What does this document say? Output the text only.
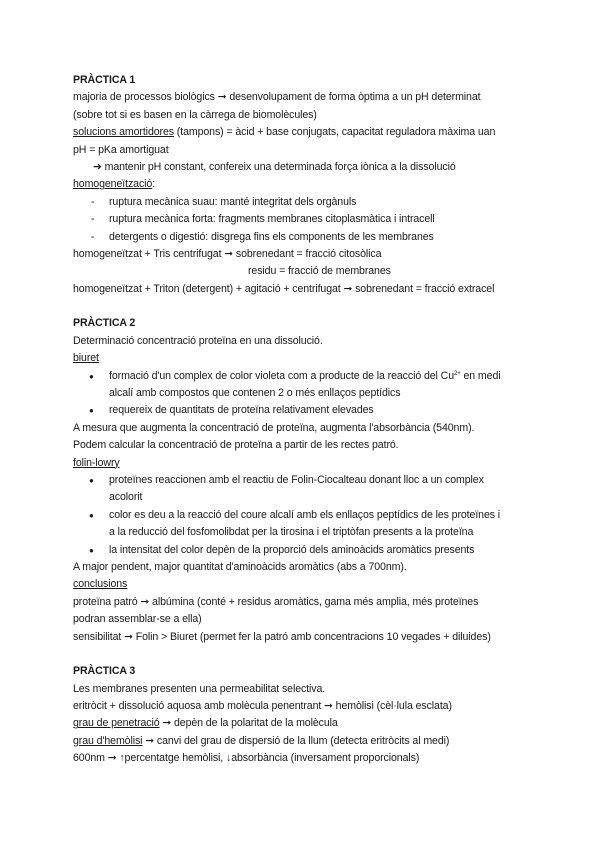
PRÀCTICA 1
majoria de processos biològics ➞ desenvolupament de forma òptima a un pH determinat
(sobre tot si es basen en la càrrega de biomolècules)
solucions amortidores (tampons) = àcid + base conjugats, capacitat reguladora màxima uan
pH = pKa amortiguat
➔ mantenir pH constant, confereix una determinada força iònica a la dissolució
homogeneïtzació:
- ruptura mecànica suau: manté integritat dels orgànuls
- ruptura mecànica forta: fragments membranes citoplasmàtica i intracell
- detergents o digestió: disgrega fins els components de les membranes
homogeneïtzat + Tris centrifugat ➞ sobrenedant = fracció citosòlica
residu = fracció de membranes
homogeneïtzat + Triton (detergent) + agitació + centrifugat ➞ sobrenedant = fracció extracel
PRÀCTICA 2
Determinació concentració proteïna en una dissolució.
biuret
● formació d'un complex de color violeta com a producte de la reacció del $Cu^{2+}$ en medi
alcalí amb compostos que contenen 2 o més enllaços peptídics
● requereix de quantitats de proteïna relativament elevades
A mesura que augmenta la concentració de proteïna, augmenta l'absorbància (540nm).
Podem calcular la concentració de proteïna a partir de les rectes patró.
folin-lowry
● proteïnes reaccionen amb el reactiu de Folin-Ciocalteau donant lloc a un complex
acolorit
● color es deu a la reacció del coure alcalí amb els enllaços peptídics de les proteïnes i
a la reducció del fosfomolibdat per la tirosina i el triptòfan presents a la proteïna
● la intensitat del color depèn de la proporció dels aminoàcids aromàtics presents
A major pendent, major quantitat d'aminoàcids aromàtics (abs a 700nm).
conclusions
proteïna patró ➞ albúmina (conté + residus aromàtics, gama més amplia, més proteïnes
podran assemblar-se a ella)
sensibilitat ➞ Folin > Biuret (permet fer la patró amb concentracions 10 vegades + diluides)
PRÀCTICA 3
Les membranes presenten una permeabilitat selectiva.
eritròcit + dissolució aquosa amb molècula penentrant ➞ hemòlisi (cèl·lula esclata)
grau de penetració ➞ depèn de la polaritat de la molècula
grau d'hemòlisi ➞ canvi del grau de dispersió de la llum (detecta eritròcits al medi)
600nm ➞ ↑percentatge hemòlisi, ↓absorbància (inversament proporcionals)
